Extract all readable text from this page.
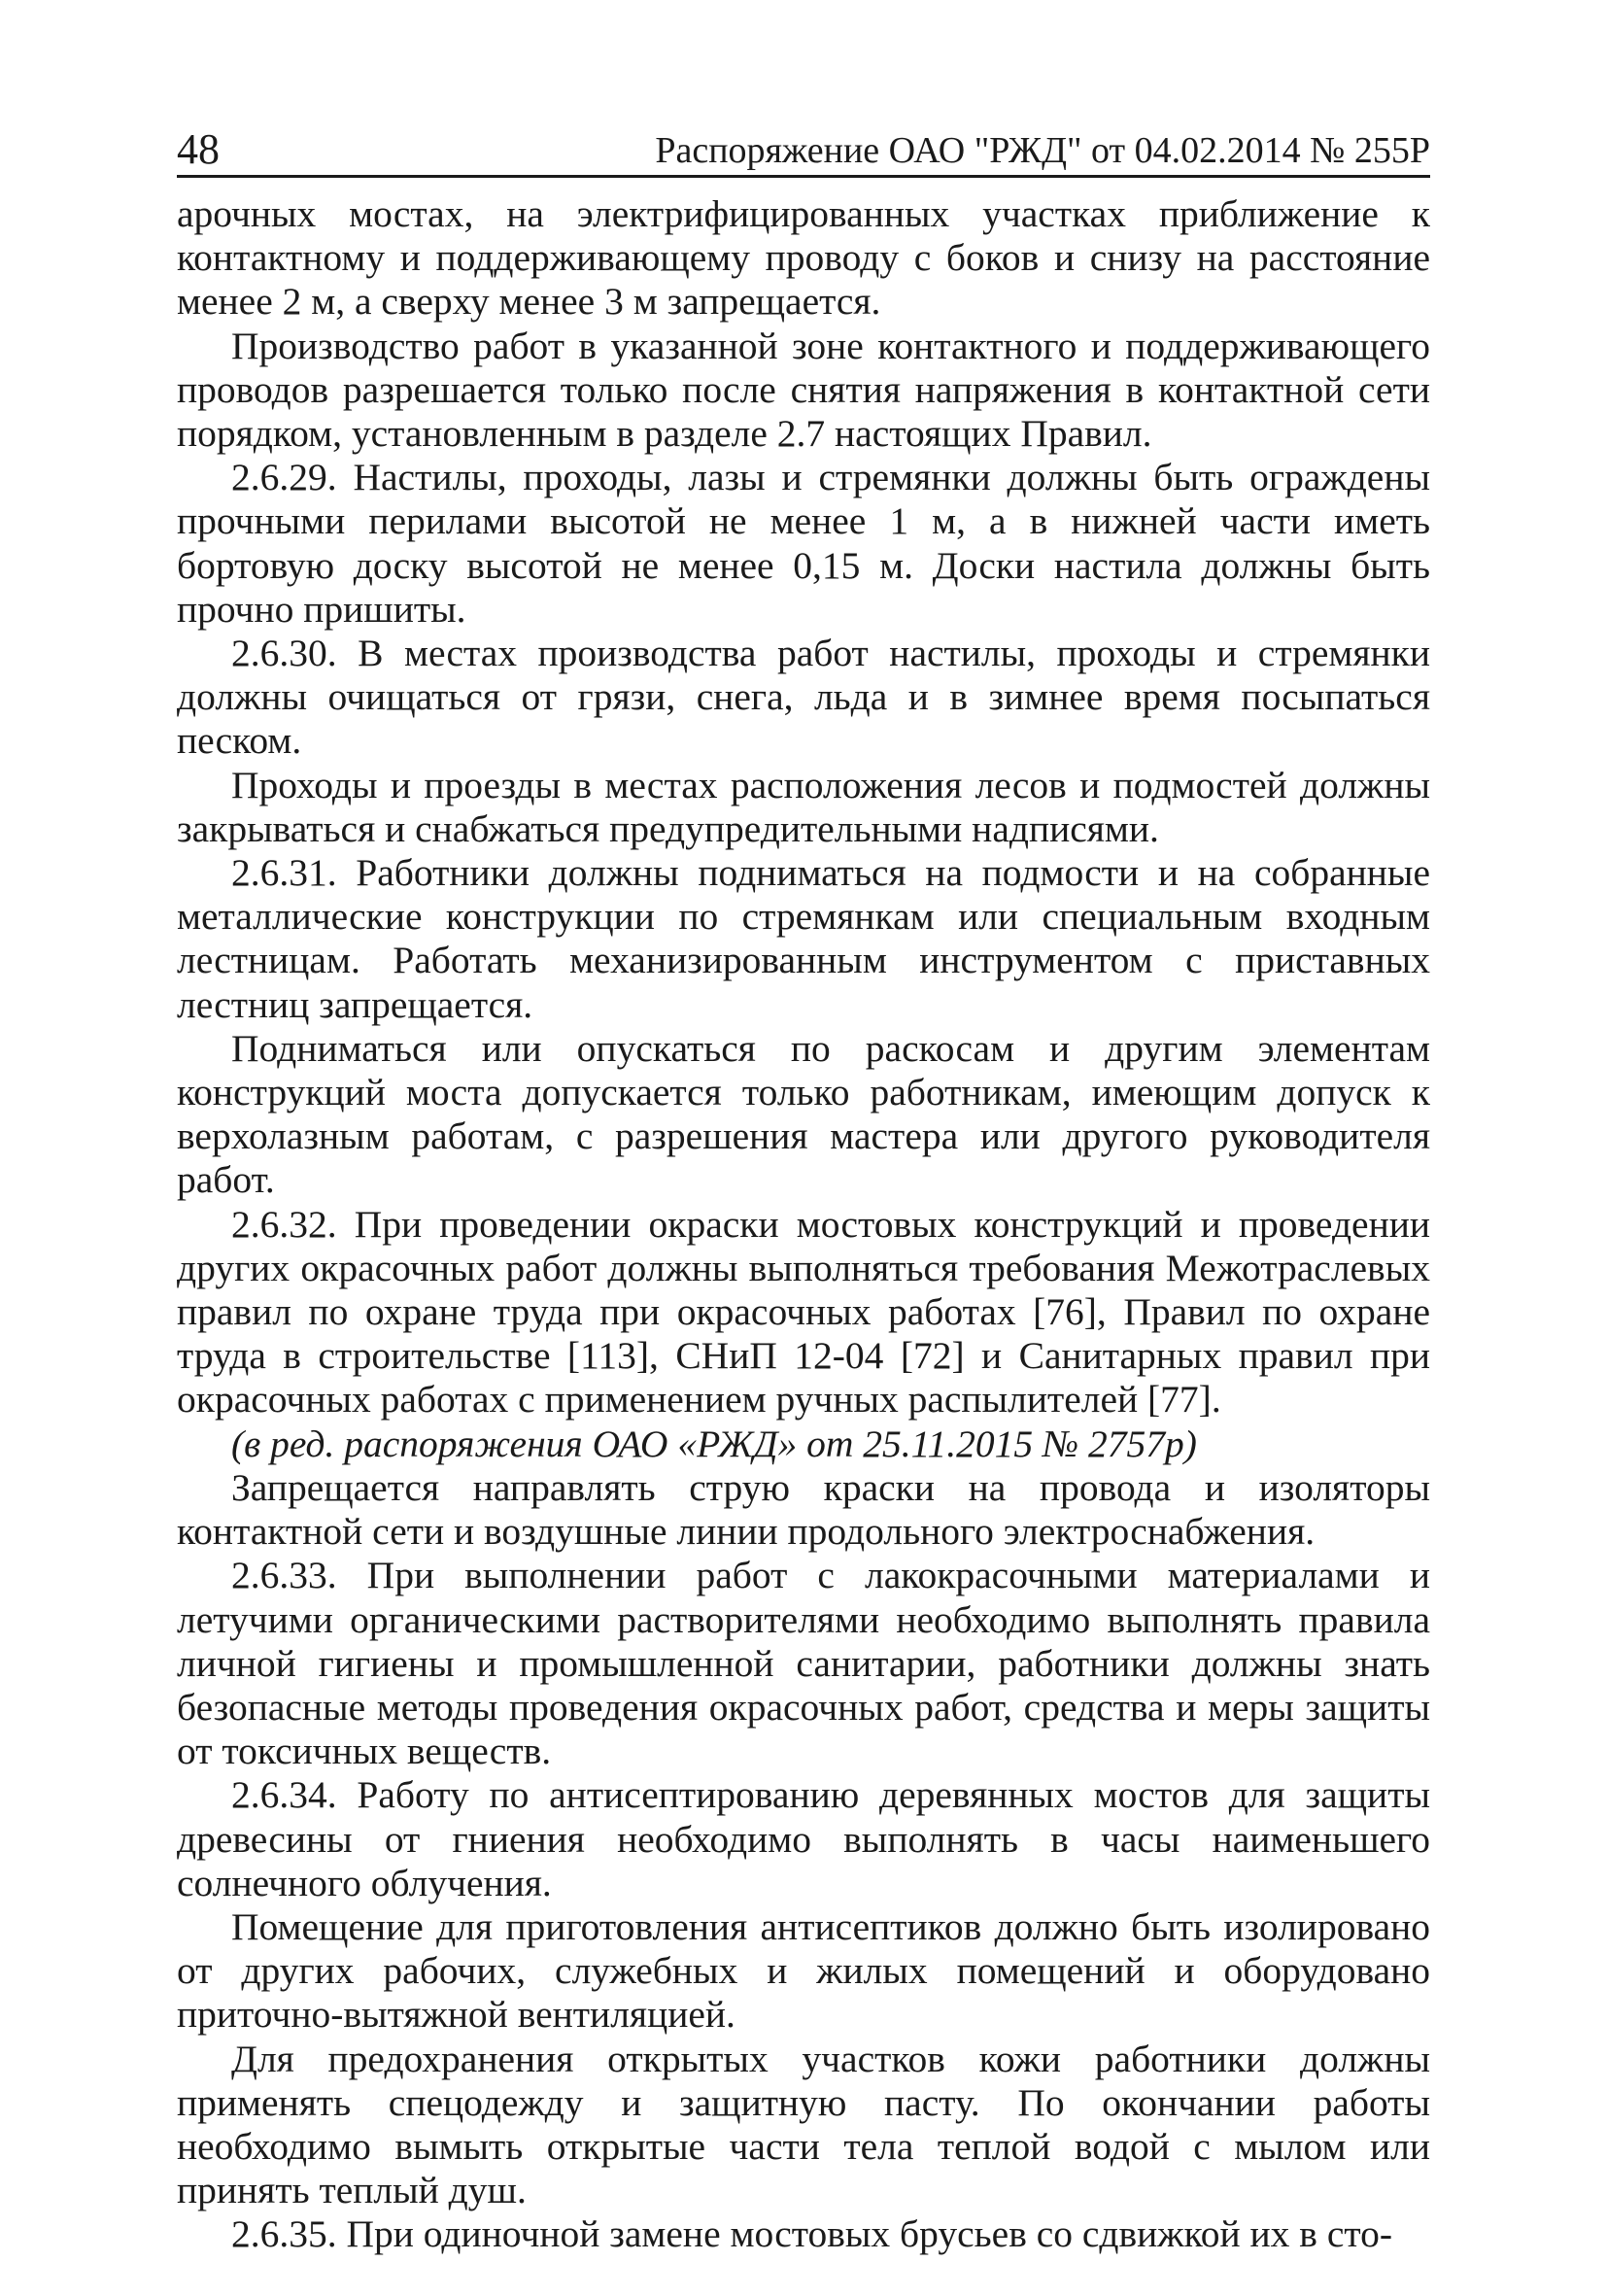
48	Распоряжение ОАО "РЖД" от 04.02.2014 № 255Р

арочных мостах, на электрифицированных участках приближение к контактному и поддерживающему проводу с боков и снизу на расстояние менее 2 м, а сверху менее 3 м запрещается.

Производство работ в указанной зоне контактного и поддерживающего проводов разрешается только после снятия напряжения в контактной сети порядком, установленным в разделе 2.7 настоящих Правил.

2.6.29. Настилы, проходы, лазы и стремянки должны быть ограждены прочными перилами высотой не менее 1 м, а в нижней части иметь бортовую доску высотой не менее 0,15 м. Доски настила должны быть прочно пришиты.

2.6.30. В местах производства работ настилы, проходы и стремянки должны очищаться от грязи, снега, льда и в зимнее время посыпаться песком.

Проходы и проезды в местах расположения лесов и подмостей должны закрываться и снабжаться предупредительными надписями.

2.6.31. Работники должны подниматься на подмости и на собранные металлические конструкции по стремянкам или специальным входным лестницам. Работать механизированным инструментом с приставных лестниц запрещается.

Подниматься или опускаться по раскосам и другим элементам конструкций моста допускается только работникам, имеющим допуск к верхолазным работам, с разрешения мастера или другого руководителя работ.

2.6.32. При проведении окраски мостовых конструкций и проведении других окрасочных работ должны выполняться требования Межотраслевых правил по охране труда при окрасочных работах [76], Правил по охране труда в строительстве [113], СНиП 12-04 [72] и Санитарных правил при окрасочных работах с применением ручных распылителей [77].

(в ред. распоряжения ОАО «РЖД» от 25.11.2015 № 2757р)

Запрещается направлять струю краски на провода и изоляторы контактной сети и воздушные линии продольного электроснабжения.

2.6.33. При выполнении работ с лакокрасочными материалами и летучими органическими растворителями необходимо выполнять правила личной гигиены и промышленной санитарии, работники должны знать безопасные методы проведения окрасочных работ, средства и меры защиты от токсичных веществ.

2.6.34. Работу по антисептированию деревянных мостов для защиты древесины от гниения необходимо выполнять в часы наименьшего солнечного облучения.

Помещение для приготовления антисептиков должно быть изолировано от других рабочих, служебных и жилых помещений и оборудовано приточно-вытяжной вентиляцией.

Для предохранения открытых участков кожи работники должны применять спецодежду и защитную пасту. По окончании работы необходимо вымыть открытые части тела теплой водой с мылом или принять теплый душ.

2.6.35. При одиночной замене мостовых брусьев со сдвижкой их в сто-
